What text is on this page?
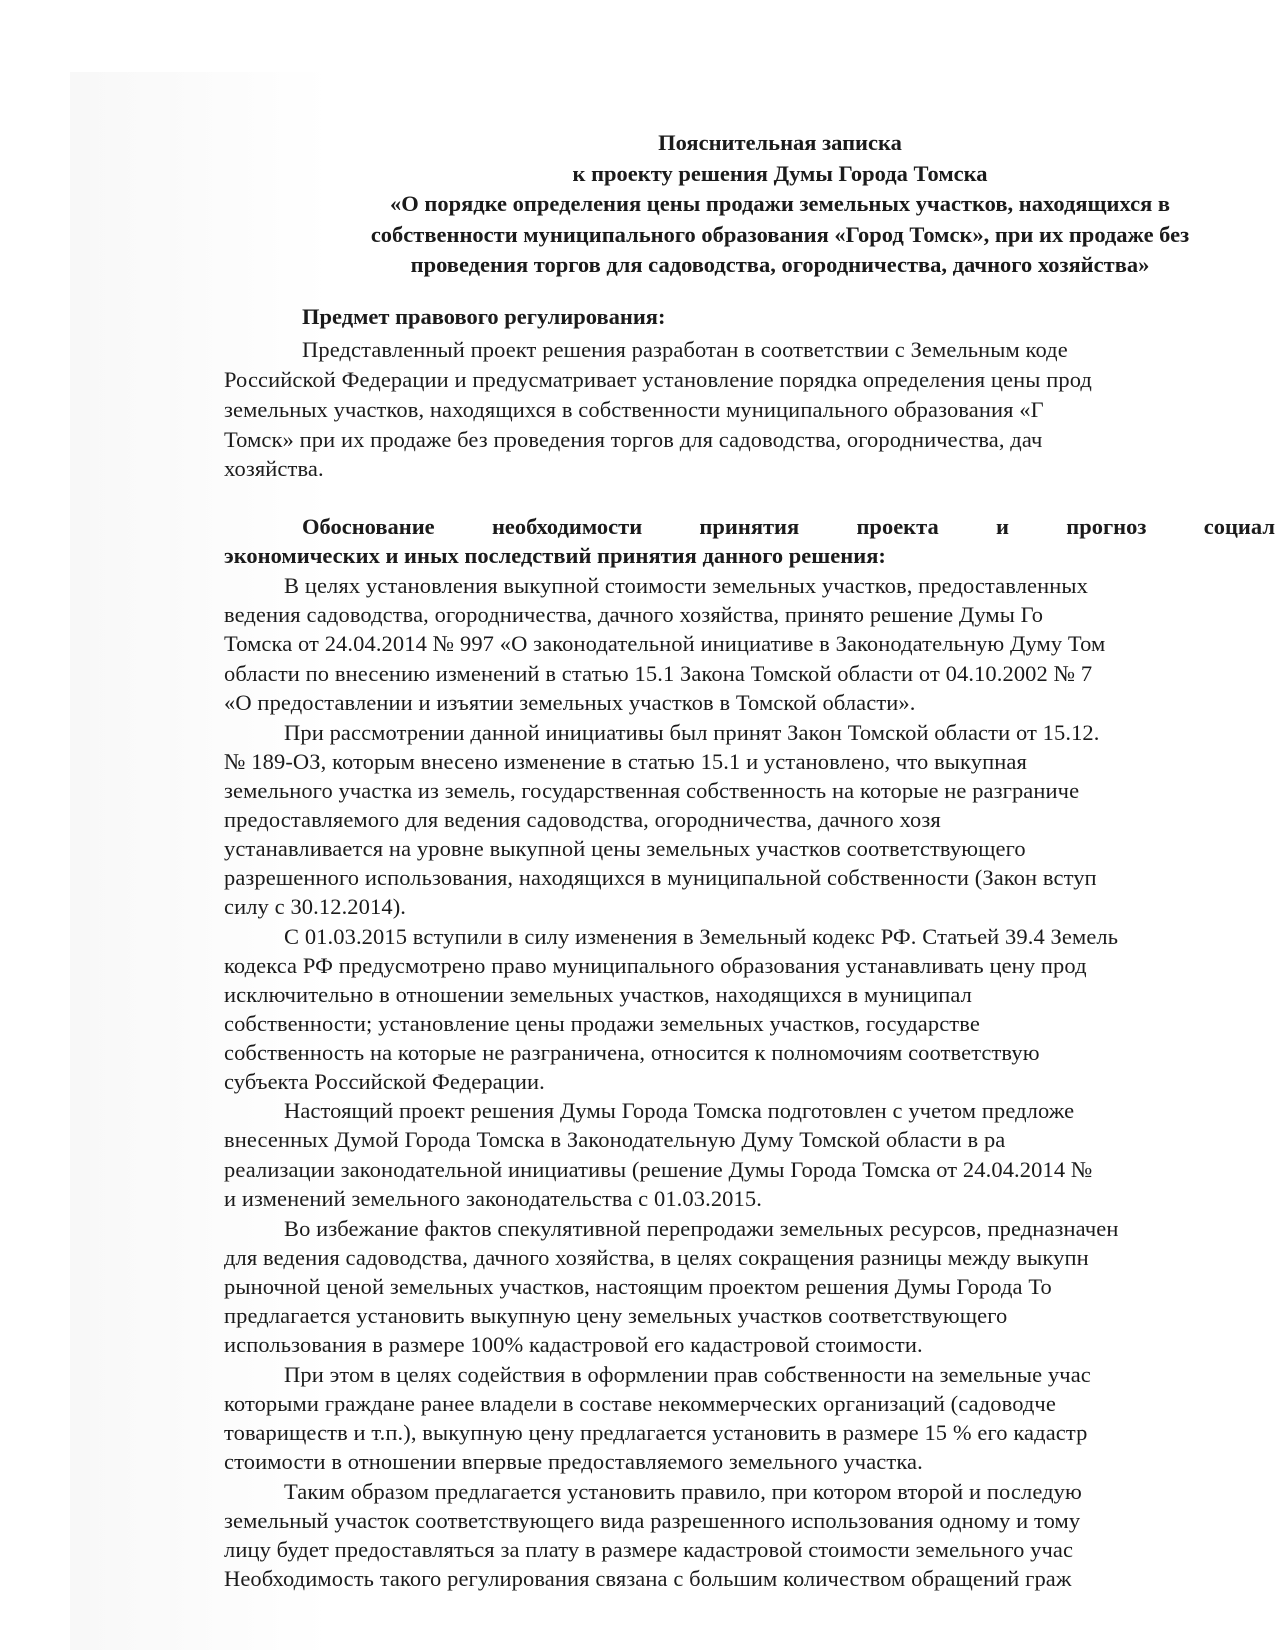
Пояснительная записка
к проекту решения Думы Города Томска
«О порядке определения цены продажи земельных участков, находящихся в
собственности муниципального образования «Город Томск», при их продаже без
проведения торгов для садоводства, огородничества, дачного хозяйства»
Предмет правового регулирования:
Представленный проект решения разработан в соответствии с Земельным коде
Российской Федерации и предусматривает установление порядка определения цены прод
земельных участков, находящихся в собственности муниципального образования «Г
Томск» при их продаже без проведения торгов для садоводства, огородничества, дач
хозяйства.
Обоснование	необходимости	принятия	проекта	и	прогноз	социал
экономических и иных последствий принятия данного решения:
В целях установления выкупной стоимости земельных участков, предоставленных
ведения садоводства, огородничества, дачного хозяйства, принято решение Думы Го
Томска от 24.04.2014 № 997 «О законодательной инициативе в Законодательную Думу Том
области по внесению изменений в статью 15.1 Закона Томской области от 04.10.2002 № 7
«О предоставлении и изъятии земельных участков в Томской области».
При рассмотрении данной инициативы был принят Закон Томской области от 15.12.
№ 189-ОЗ, которым внесено изменение в статью 15.1 и установлено, что выкупная
земельного участка из земель, государственная собственность на которые не разграниче
предоставляемого для ведения садоводства, огородничества, дачного хозя
устанавливается на уровне выкупной цены земельных участков соответствующего
разрешенного использования, находящихся в муниципальной собственности (Закон вступ
силу с 30.12.2014).
С 01.03.2015 вступили в силу изменения в Земельный кодекс РФ. Статьей 39.4 Земель
кодекса РФ предусмотрено право муниципального образования устанавливать цену прод
исключительно в отношении земельных участков, находящихся в муниципал
собственности; установление цены продажи земельных участков, государстве
собственность на которые не разграничена, относится к полномочиям соответствую
субъекта Российской Федерации.
Настоящий проект решения Думы Города Томска подготовлен с учетом предложе
внесенных Думой Города Томска в Законодательную Думу Томской области в ра
реализации законодательной инициативы (решение Думы Города Томска от 24.04.2014 №
и изменений земельного законодательства с 01.03.2015.
Во избежание фактов спекулятивной перепродажи земельных ресурсов, предназначен
для ведения садоводства, дачного хозяйства, в целях сокращения разницы между выкупн
рыночной ценой земельных участков, настоящим проектом решения Думы Города То
предлагается установить выкупную цену земельных участков соответствующего
использования в размере 100% кадастровой его кадастровой стоимости.
При этом в целях содействия в оформлении прав собственности на земельные учас
которыми граждане ранее владели в составе некоммерческих организаций (садоводче
товариществ и т.п.), выкупную цену предлагается установить в размере 15 % его кадастр
стоимости в отношении впервые предоставляемого земельного участка.
Таким образом предлагается установить правило, при котором второй и последую
земельный участок соответствующего вида разрешенного использования одному и тому
лицу будет предоставляться за плату в размере кадастровой стоимости земельного учас
Необходимость такого регулирования связана с большим количеством обращений граж
